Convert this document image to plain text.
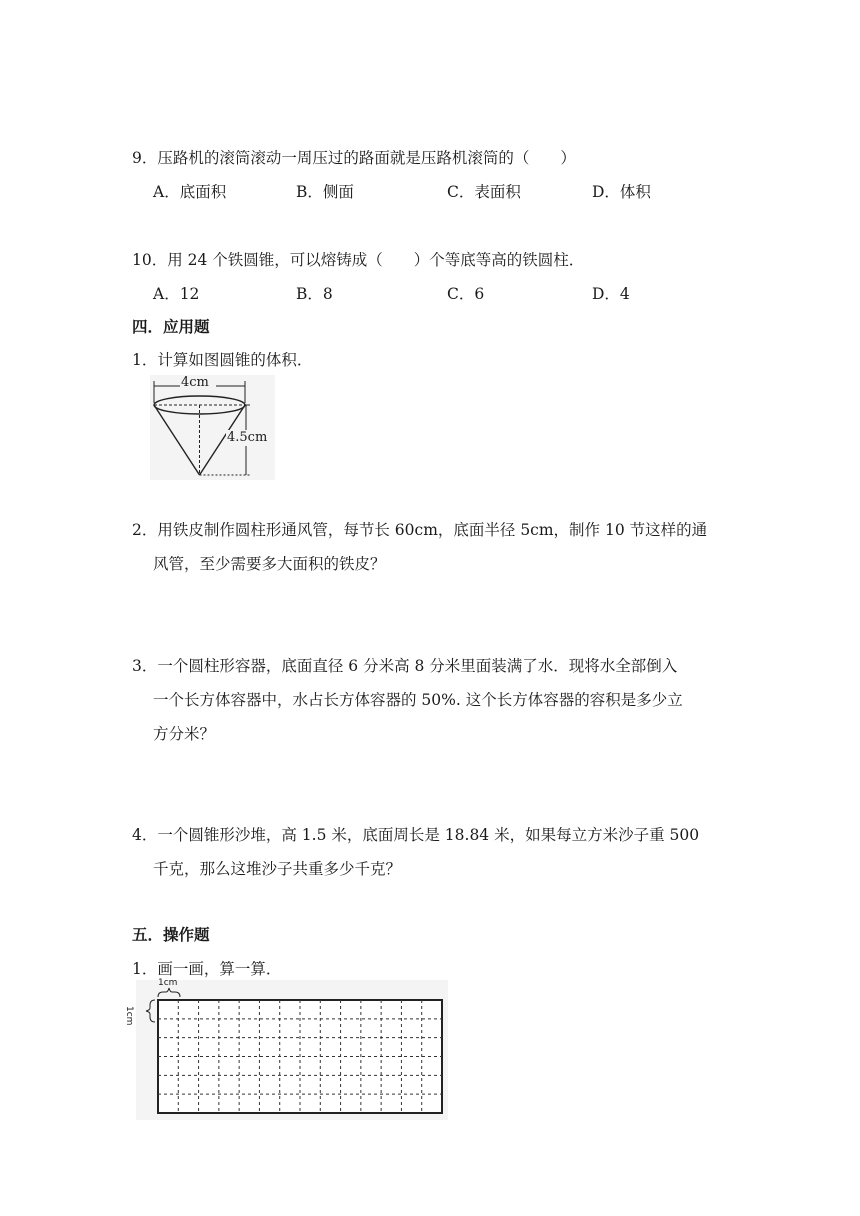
9．压路机的滚筒滚动一周压过的路面就是压路机滚筒的（　　）
A．底面积	B．侧面	C．表面积	D．体积
10．用 24 个铁圆锥，可以熔铸成（　　）个等底等高的铁圆柱．
A．12	B．8	C．6	D．4
四．应用题
1．计算如图圆锥的体积．
4cm
4.5cm
2．用铁皮制作圆柱形通风管，每节长 60cm，底面半径 5cm，制作 10 节这样的通
风管，至少需要多大面积的铁皮？
3．一个圆柱形容器，底面直径 6 分米高 8 分米里面装满了水．现将水全部倒入
一个长方体容器中，水占长方体容器的 50%. 这个长方体容器的容积是多少立
方分米？
4．一个圆锥形沙堆，高 1.5 米，底面周长是 18.84 米，如果每立方米沙子重 500
千克，那么这堆沙子共重多少千克？
五．操作题
1．画一画，算一算．
1cm
1cm
